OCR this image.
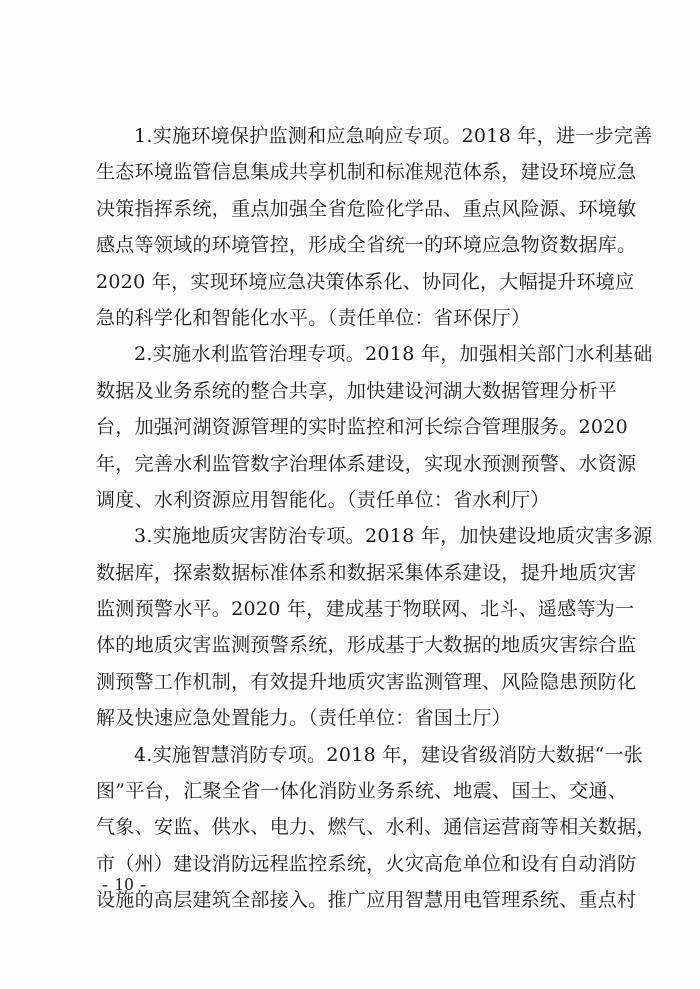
1.实施环境保护监测和应急响应专项。2018 年，进一步完善
生态环境监管信息集成共享机制和标准规范体系，建设环境应急
决策指挥系统，重点加强全省危险化学品、重点风险源、环境敏
感点等领域的环境管控，形成全省统一的环境应急物资数据库。
2020 年，实现环境应急决策体系化、协同化，大幅提升环境应
急的科学化和智能化水平。（责任单位：省环保厅）
2.实施水利监管治理专项。2018 年，加强相关部门水利基础
数据及业务系统的整合共享，加快建设河湖大数据管理分析平
台，加强河湖资源管理的实时监控和河长综合管理服务。2020
年，完善水利监管数字治理体系建设，实现水预测预警、水资源
调度、水利资源应用智能化。（责任单位：省水利厅）
3.实施地质灾害防治专项。2018 年，加快建设地质灾害多源
数据库，探索数据标准体系和数据采集体系建设，提升地质灾害
监测预警水平。2020 年，建成基于物联网、北斗、遥感等为一
体的地质灾害监测预警系统，形成基于大数据的地质灾害综合监
测预警工作机制，有效提升地质灾害监测管理、风险隐患预防化
解及快速应急处置能力。（责任单位：省国土厅）
4.实施智慧消防专项。2018 年，建设省级消防大数据“一张
图”平台，汇聚全省一体化消防业务系统、地震、国土、交通、
气象、安监、供水、电力、燃气、水利、通信运营商等相关数据，
市（州）建设消防远程监控系统，火灾高危单位和设有自动消防
设施的高层建筑全部接入。推广应用智慧用电管理系统、重点村
- 10 -
